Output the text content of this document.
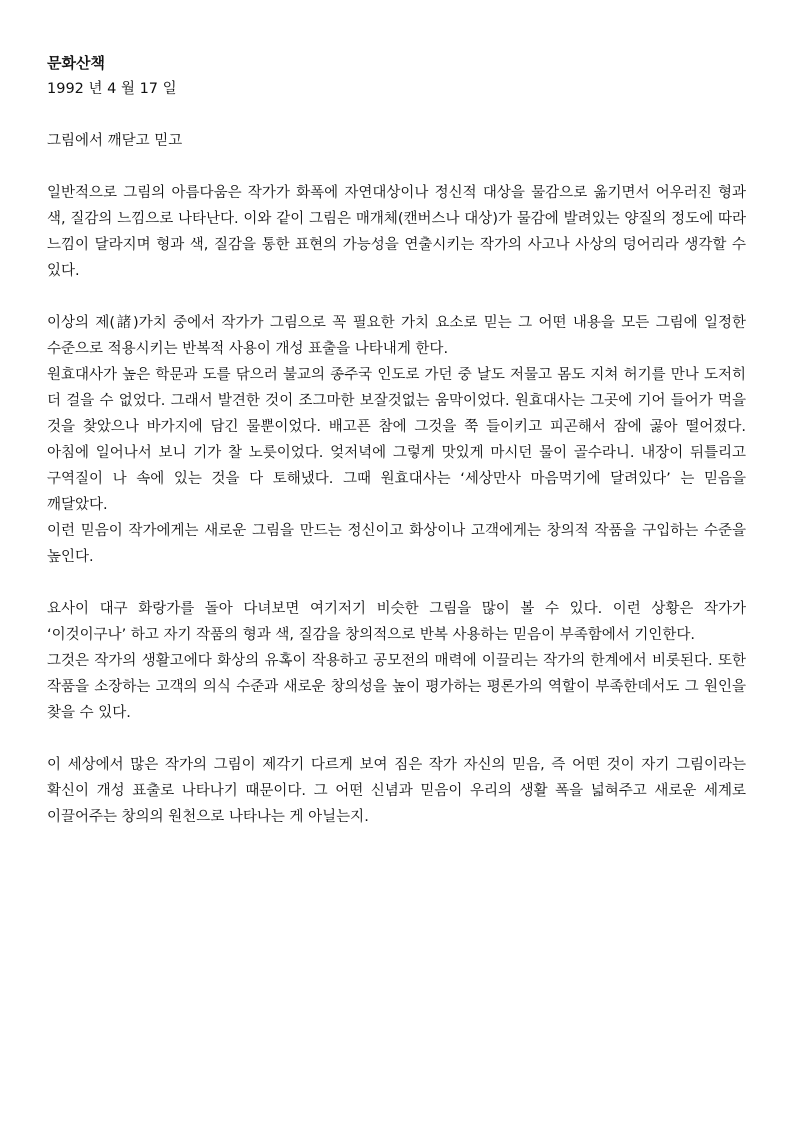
문화산책
1992 년 4 월 17 일
그림에서 깨닫고 믿고

일반적으로 그림의 아름다움은 작가가 화폭에 자연대상이나 정신적 대상을 물감으로 옮기면서 어우러진 형과 색, 질감의 느낌으로 나타난다. 이와 같이 그림은 매개체(캔버스나 대상)가 물감에 발려있는 양질의 정도에 따라 느낌이 달라지며 형과 색, 질감을 통한 표현의 가능성을 연출시키는 작가의 사고나 사상의 덩어리라 생각할 수 있다.

이상의 제(諸)가치 중에서 작가가 그림으로 꼭 필요한 가치 요소로 믿는 그 어떤 내용을 모든 그림에 일정한 수준으로 적용시키는 반복적 사용이 개성 표출을 나타내게 한다.

원효대사가 높은 학문과 도를 닦으러 불교의 종주국 인도로 가던 중 날도 저물고 몸도 지쳐 허기를 만나 도저히 더 걸을 수 없었다. 그래서 발견한 것이 조그마한 보잘것없는 움막이었다. 원효대사는 그곳에 기어 들어가 먹을 것을 찾았으나 바가지에 담긴 물뿐이었다. 배고픈 참에 그것을 쭉 들이키고 피곤해서 잠에 곯아 떨어졌다. 아침에 일어나서 보니 기가 찰 노릇이었다. 엊저녁에 그렇게 맛있게 마시던 물이 골수라니. 내장이 뒤틀리고 구역질이 나 속에 있는 것을 다 토해냈다. 그때 원효대사는 ‘세상만사 마음먹기에 달려있다’ 는 믿음을 깨달았다.

이런 믿음이 작가에게는 새로운 그림을 만드는 정신이고 화상이나 고객에게는 창의적 작품을 구입하는 수준을 높인다.

요사이 대구 화랑가를 돌아 다녀보면 여기저기 비슷한 그림을 많이 볼 수 있다. 이런 상황은 작가가 ‘이것이구나’ 하고 자기 작품의 형과 색, 질감을 창의적으로 반복 사용하는 믿음이 부족함에서 기인한다.

그것은 작가의 생활고에다 화상의 유혹이 작용하고 공모전의 매력에 이끌리는 작가의 한계에서 비롯된다. 또한 작품을 소장하는 고객의 의식 수준과 새로운 창의성을 높이 평가하는 평론가의 역할이 부족한데서도 그 원인을 찾을 수 있다.

이 세상에서 많은 작가의 그림이 제각기 다르게 보여 짐은 작가 자신의 믿음, 즉 어떤 것이 자기 그림이라는 확신이 개성 표출로 나타나기 때문이다. 그 어떤 신념과 믿음이 우리의 생활 폭을 넓혀주고 새로운 세계로 이끌어주는 창의의 원천으로 나타나는 게 아닐는지.
